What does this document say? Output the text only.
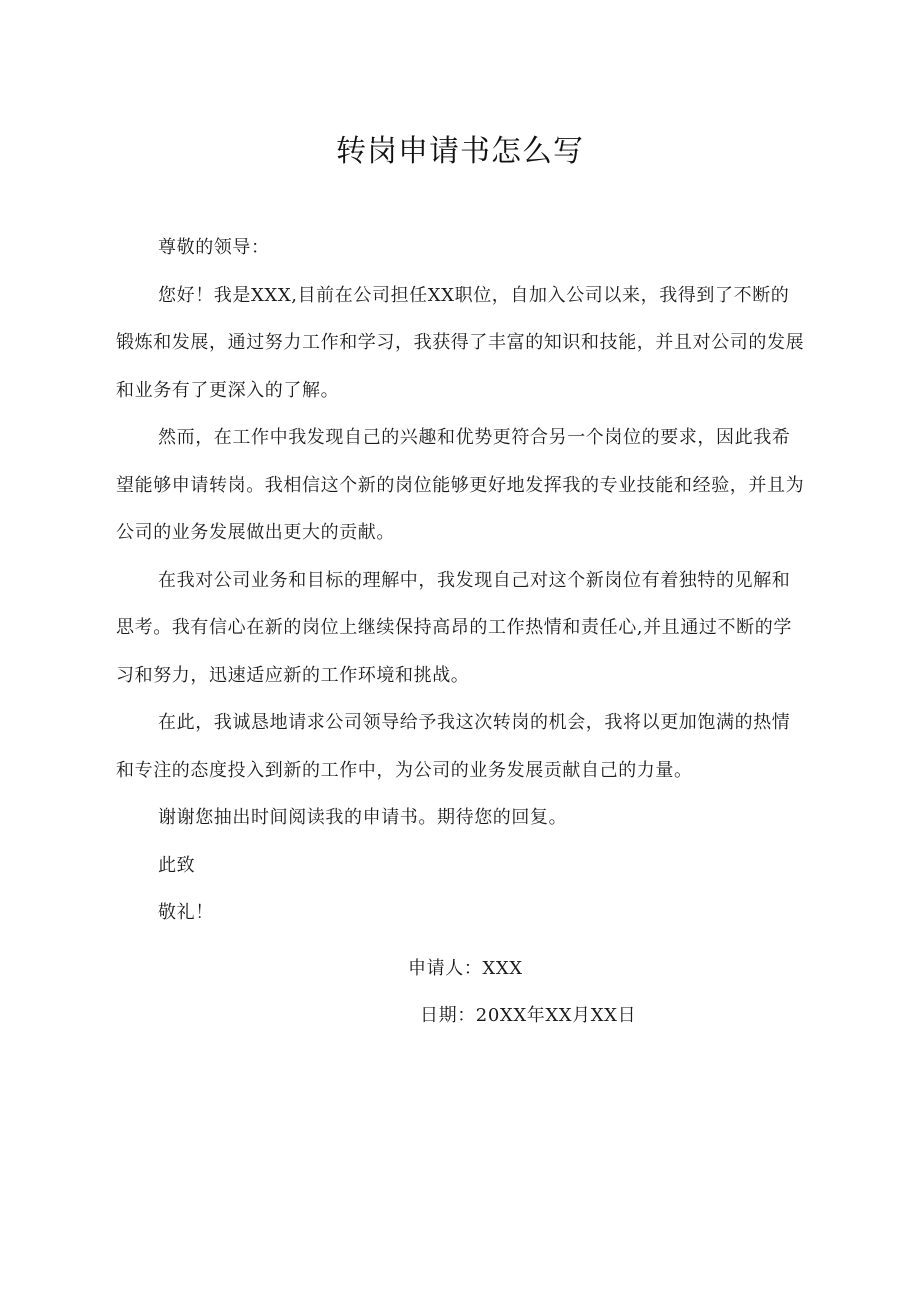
转岗申请书怎么写

尊敬的领导：

您好！我是XXX,目前在公司担任XX职位，自加入公司以来，我得到了不断的锻炼和发展，通过努力工作和学习，我获得了丰富的知识和技能，并且对公司的发展和业务有了更深入的了解。

然而，在工作中我发现自己的兴趣和优势更符合另一个岗位的要求，因此我希望能够申请转岗。我相信这个新的岗位能够更好地发挥我的专业技能和经验，并且为公司的业务发展做出更大的贡献。

在我对公司业务和目标的理解中，我发现自己对这个新岗位有着独特的见解和思考。我有信心在新的岗位上继续保持高昂的工作热情和责任心,并且通过不断的学习和努力，迅速适应新的工作环境和挑战。

在此，我诚恳地请求公司领导给予我这次转岗的机会，我将以更加饱满的热情和专注的态度投入到新的工作中，为公司的业务发展贡献自己的力量。

谢谢您抽出时间阅读我的申请书。期待您的回复。

此致

敬礼！

申请人：XXX

日期：20XX年XX月XX日
